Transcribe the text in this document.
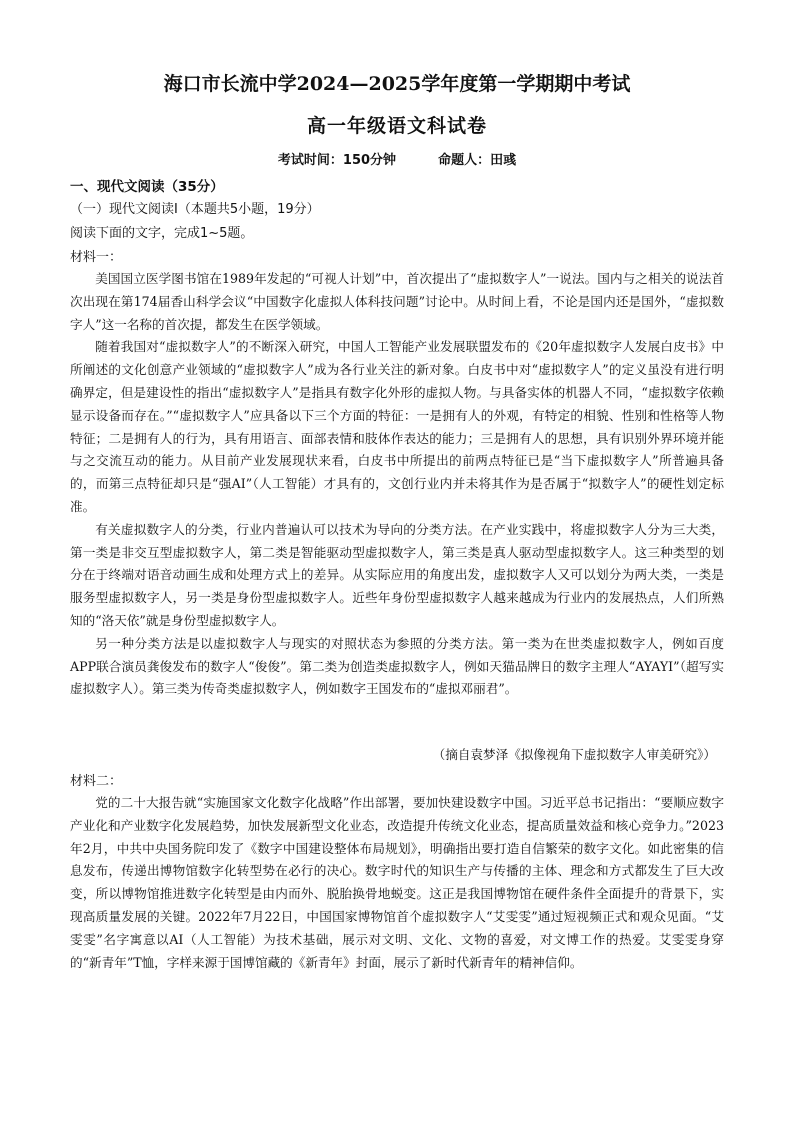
海口市长流中学2024—2025学年度第一学期期中考试
高一年级语文科试卷
考试时间：150分钟	命题人：田彧
一、现代文阅读（35分）
（一）现代文阅读Ⅰ（本题共5小题，19分）
阅读下面的文字，完成1~5题。
材料一：

美国国立医学图书馆在1989年发起的“可视人计划”中，首次提出了“虚拟数字人”一说法。国内与之相关的说法首次出现在第174届香山科学会议“中国数字化虚拟人体科技问题”讨论中。从时间上看，不论是国内还是国外，“虚拟数字人”这一名称的首次提，都发生在医学领域。

随着我国对“虚拟数字人”的不断深入研究，中国人工智能产业发展联盟发布的《20年虚拟数字人发展白皮书》中所阐述的文化创意产业领域的“虚拟数字人”成为各行业关注的新对象。白皮书中对“虚拟数字人”的定义虽没有进行明确界定，但是建设性的指出“虚拟数字人”是指具有数字化外形的虚拟人物。与具备实体的机器人不同，“虚拟数字依赖显示设备而存在。”“虚拟数字人”应具备以下三个方面的特征：一是拥有人的外观，有特定的相貌、性别和性格等人物特征；二是拥有人的行为，具有用语言、面部表情和肢体作表达的能力；三是拥有人的思想，具有识别外界环境并能与之交流互动的能力。从目前产业发展现状来看，白皮书中所提出的前两点特征已是“当下虚拟数字人”所普遍具备的，而第三点特征却只是“强AI”（人工智能）才具有的，文创行业内并未将其作为是否属于“拟数字人”的硬性划定标准。

有关虚拟数字人的分类，行业内普遍认可以技术为导向的分类方法。在产业实践中，将虚拟数字人分为三大类，第一类是非交互型虚拟数字人，第二类是智能驱动型虚拟数字人，第三类是真人驱动型虚拟数字人。这三种类型的划分在于终端对语音动画生成和处理方式上的差异。从实际应用的角度出发，虚拟数字人又可以划分为两大类，一类是服务型虚拟数字人，另一类是身份型虚拟数字人。近些年身份型虚拟数字人越来越成为行业内的发展热点，人们所熟知的“洛天依”就是身份型虚拟数字人。

另一种分类方法是以虚拟数字人与现实的对照状态为参照的分类方法。第一类为在世类虚拟数字人，例如百度APP联合演员龚俊发布的数字人“俊俊”。第二类为创造类虚拟数字人，例如天猫品牌日的数字主理人“AYAYI”（超写实虚拟数字人）。第三类为传奇类虚拟数字人，例如数字王国发布的“虚拟邓丽君”。

（摘自袁梦泽《拟像视角下虚拟数字人审美研究》）
材料二：

党的二十大报告就“实施国家文化数字化战略”作出部署，要加快建设数字中国。习近平总书记指出：“要顺应数字产业化和产业数字化发展趋势，加快发展新型文化业态，改造提升传统文化业态，提高质量效益和核心竞争力。”2023年2月，中共中央国务院印发了《数字中国建设整体布局规划》，明确指出要打造自信繁荣的数字文化。如此密集的信息发布，传递出博物馆数字化转型势在必行的决心。数字时代的知识生产与传播的主体、理念和方式都发生了巨大改变，所以博物馆推进数字化转型是由内而外、脱胎换骨地蜕变。这正是我国博物馆在硬件条件全面提升的背景下，实现高质量发展的关键。2022年7月22日，中国国家博物馆首个虚拟数字人“艾雯雯”通过短视频正式和观众见面。“艾雯雯”名字寓意以AI（人工智能）为技术基础，展示对文明、文化、文物的喜爱，对文博工作的热爱。艾雯雯身穿的“新青年”T恤，字样来源于国博馆藏的《新青年》封面，展示了新时代新青年的精神信仰。
